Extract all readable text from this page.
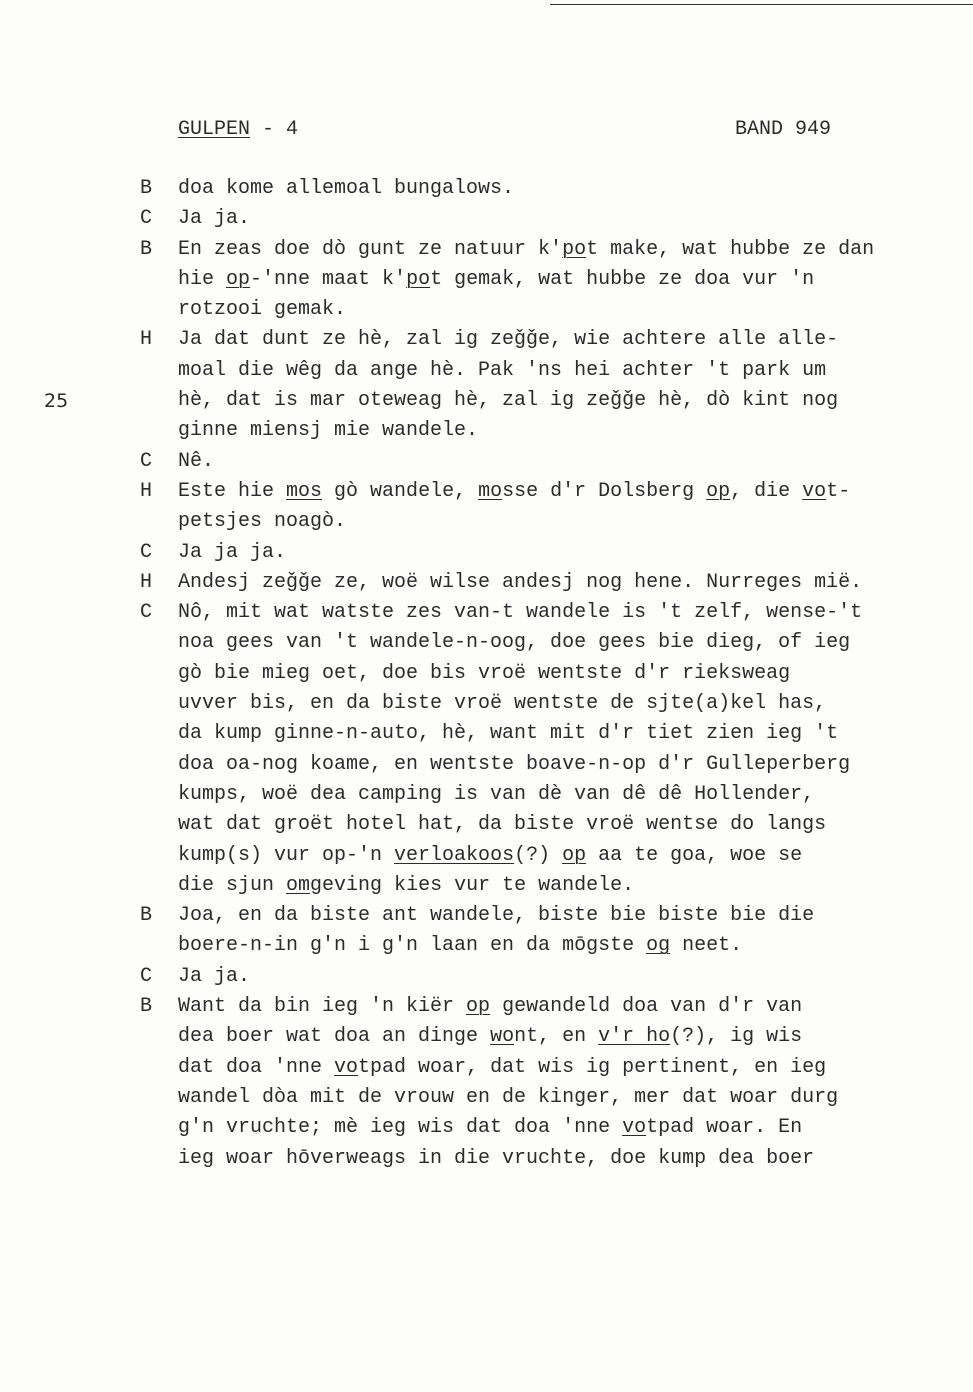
GULPEN - 4	BAND 949
B doa kome allemoal bungalows.
C Ja ja.
B En zeas doe dò gunt ze natuur k'pot make, wat hubbe ze dan
hie op-'nne maat k'pot gemak, wat hubbe ze doa vur 'n
rotzooi gemak.
H Ja dat dunt ze hè, zal ig zeǧǧe, wie achtere alle alle-
moal die wêg da ange hè. Pak 'ns hei achter 't park um
25	hè, dat is mar oteweag hè, zal ig zeǧǧe hè, dò kint nog
ginne miensj mie wandele.
C Nê.
H Este hie mos gò wandele, mosse d'r Dolsberg op, die vot-
petsjes noagò.
C Ja ja ja.
H Andesj zeǧǧe ze, woë wilse andesj nog hene. Nurreges mië.
C Nô, mit wat watste zes van-t wandele is 't zelf, wense-'t
noa gees van 't wandele-n-oog, doe gees bie dieg, of ieg
gò bie mieg oet, doe bis vroë wentste d'r rieksweag
uvver bis, en da biste vroë wentste de sjte(a)kel has,
da kump ginne-n-auto, hè, want mit d'r tiet zien ieg 't
doa oa-nog koame, en wentste boave-n-op d'r Gulleperberg
kumps, woë dea camping is van dè van dê dê Hollender,
wat dat groët hotel hat, da biste vroë wentse do langs
kump(s) vur op-'n verloakoos(?) op aa te goa, woe se
die sjun omgeving kies vur te wandele.
B Joa, en da biste ant wandele, biste bie biste bie die
boere-n-in g'n i g'n laan en da mōgste og neet.
C Ja ja.
B Want da bin ieg 'n kiër op gewandeld doa van d'r van
dea boer wat doa an dinge wont, en v'r ho(?), ig wis
dat doa 'nne votpad woar, dat wis ig pertinent, en ieg
wandel dòa mit de vrouw en de kinger, mer dat woar durg
g'n vruchte; mè ieg wis dat doa 'nne votpad woar. En
ieg woar hōverweags in die vruchte, doe kump dea boer
